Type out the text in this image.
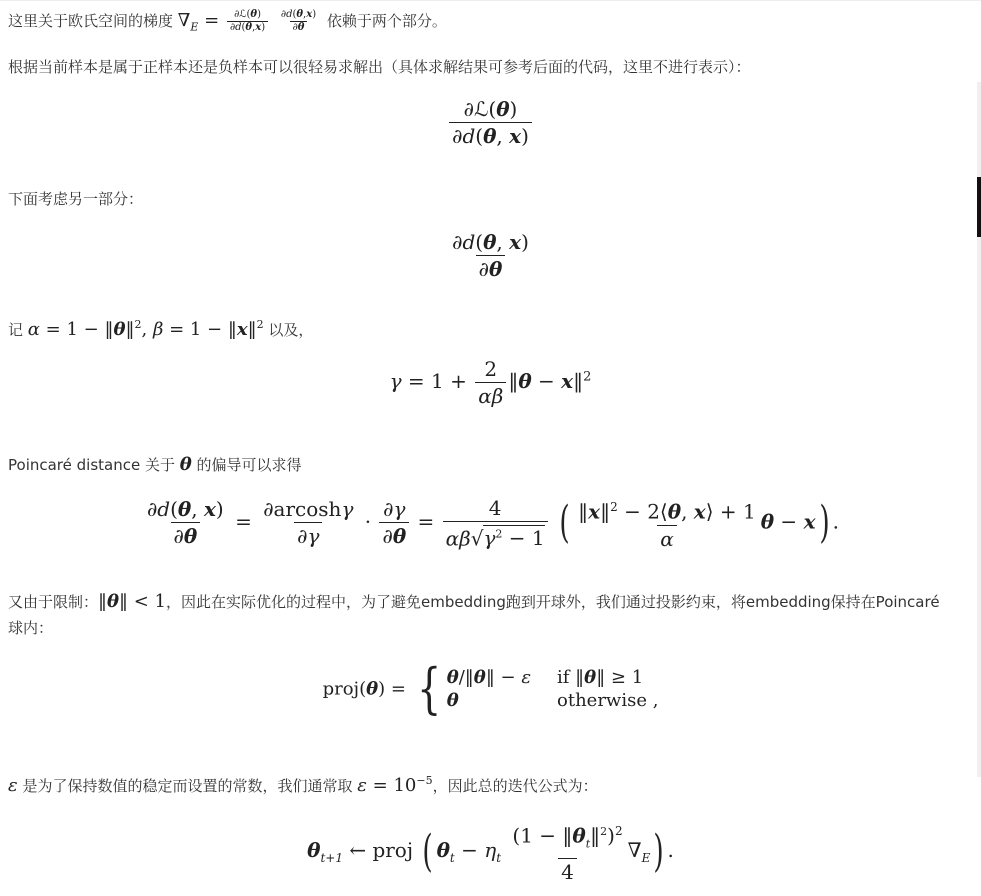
这里关于欧氏空间的梯度 $\nabla_E = \frac{\text{∂ℒ(θ)}}{\partial d(\theta,x)}$
$\frac{\partial d(\theta,x)}{\partial\theta}$ 依赖于两个部分。
根据当前样本是属于正样本还是负样本可以很轻易求解出（具体求解结果可参考后面的代码，这里不进行表示）：
$\frac{\text{∂ℒ(θ)}}{\partial d(\theta, x)}$
下面考虑另一部分：
$\frac{\partial d(\theta, x)}{\partial\theta}$
记 α = 1 − ‖θ‖$^2$, β = 1 − ‖x‖$^2$ 以及，
$\gamma = 1 + \frac{2}{\alpha\beta}$ ‖θ − x‖$^2$
Poincaré distance 关于 θ 的偏导可以求得
$\frac{\partial d(\theta, x)}{\partial\theta} = \frac{\partial arcosh\gamma}{\partial\gamma} \cdot \frac{\partial\gamma}{\partial\theta} = \frac{4}{\alpha\beta√\gamma^2 - 1}$ ( $\frac{‖x‖^2 - 2⟨\theta, x⟩ + 1}{\alpha}$ θ − x) .
又由于限制：‖θ‖ < 1，因此在实际优化的过程中，为了避免embedding跑到开球外，我们通过投影约束，将embedding保持在Poincaré
球内：
proj(θ) = { θ/‖θ‖ − ε if ‖θ‖ ≥ 1
θ	otherwise ,
ε 是为了保持数值的稳定而设置的常数，我们通常取 $\varepsilon = 10^{-5}$，因此总的迭代公式为：
$\theta_{t+1}$ ← proj ( $\theta_t - \eta_t \frac{(1 - ‖\theta_t‖^2)^2}{4} \nabla_E$) .
